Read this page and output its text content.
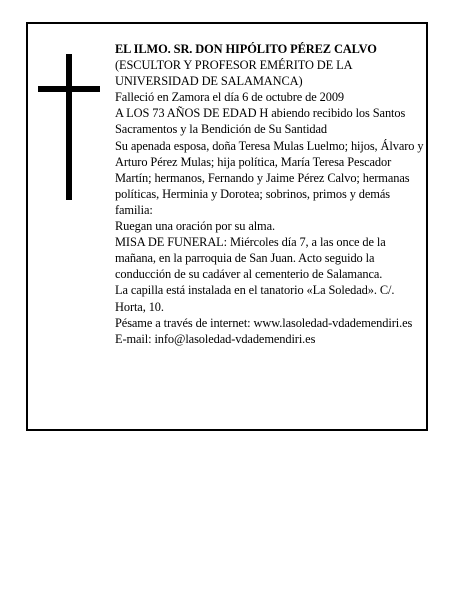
EL ILMO. SR. DON HIPÓLITO PÉREZ CALVO

(ESCULTOR Y PROFESOR EMÉRITO DE LA UNIVERSIDAD DE SALAMANCA)

Falleció en Zamora el día 6 de octubre de 2009

A LOS 73 AÑOS DE EDAD H abiendo recibido los Santos Sacramentos y la Bendición de Su Santidad

Su apenada esposa, doña Teresa Mulas Luelmo; hijos, Álvaro y Arturo Pérez Mulas; hija política, María Teresa Pescador Martín; hermanos, Fernando y Jaime Pérez Calvo; hermanas políticas, Herminia y Dorotea; sobrinos, primos y demás familia:

Ruegan una oración por su alma.

MISA DE FUNERAL: Miércoles día 7, a las once de la mañana, en la parroquia de San Juan. Acto seguido la conducción de su cadáver al cementerio de Salamanca.

La capilla está instalada en el tanatorio «La Soledad». C/. Horta, 10.

Pésame a través de internet: www.lasoledad-vdademendiri.es

E-mail: info@lasoledad-vdademendiri.es
